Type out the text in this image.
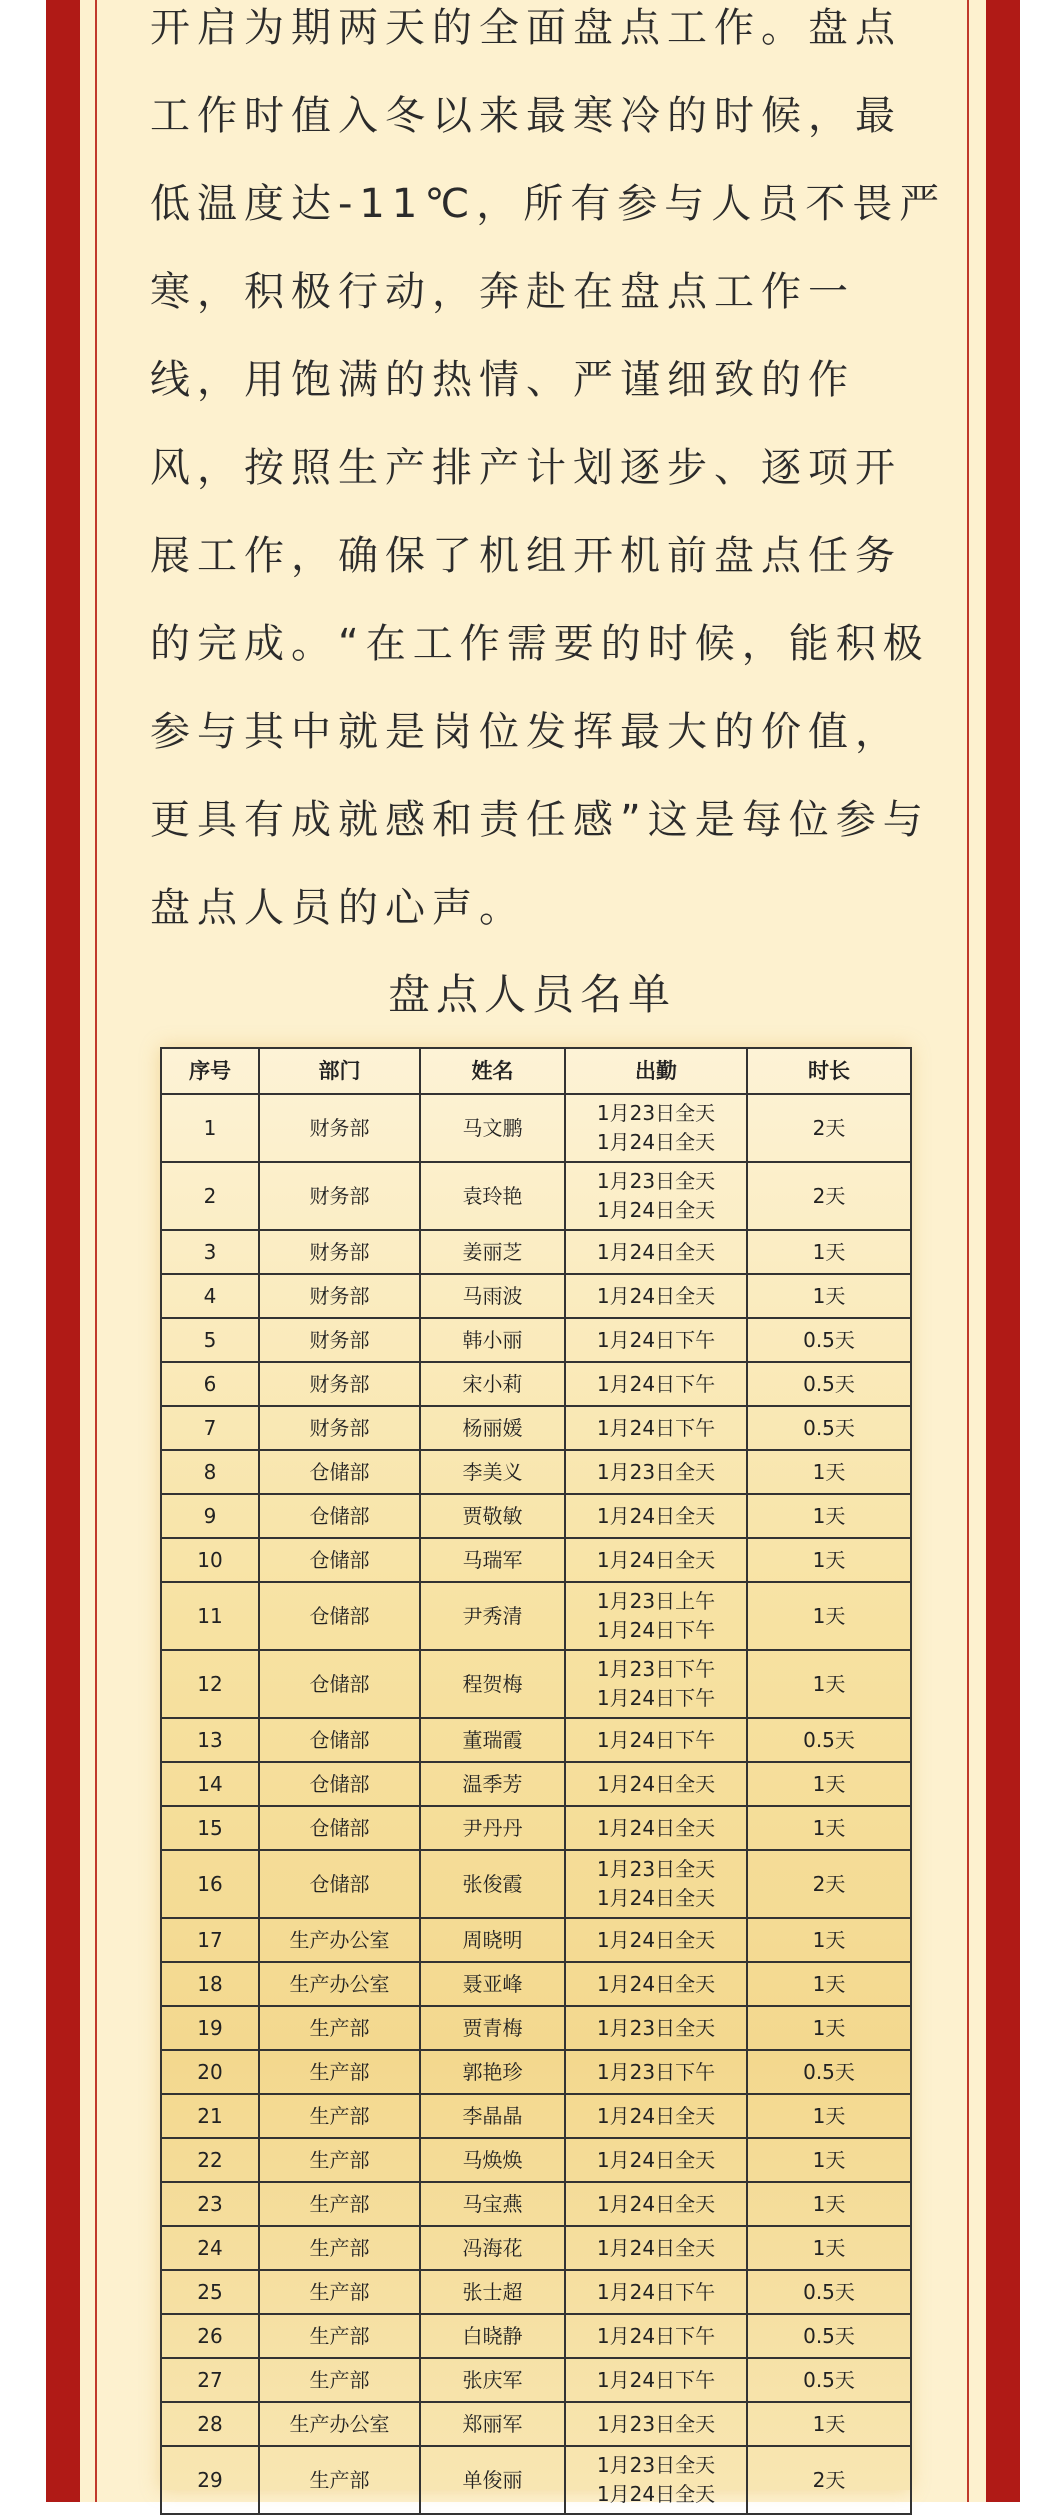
开启为期两天的全面盘点工作。盘点
工作时值入冬以来最寒冷的时候，最
低温度达-11℃，所有参与人员不畏严
寒，积极行动，奔赴在盘点工作一
线，用饱满的热情、严谨细致的作
风，按照生产排产计划逐步、逐项开
展工作，确保了机组开机前盘点任务
的完成。“在工作需要的时候，能积极
参与其中就是岗位发挥最大的价值，
更具有成就感和责任感”这是每位参与
盘点人员的心声。
盘点人员名单
序号	部门	姓名	出勤	时长
1	财务部	马文鹏	1月23日全天
1月24日全天	2天
2	财务部	袁玲艳	1月23日全天
1月24日全天	2天
3	财务部	姜丽芝	1月24日全天	1天
4	财务部	马雨波	1月24日全天	1天
5	财务部	韩小丽	1月24日下午	0.5天
6	财务部	宋小莉	1月24日下午	0.5天
7	财务部	杨丽媛	1月24日下午	0.5天
8	仓储部	李美义	1月23日全天	1天
9	仓储部	贾敬敏	1月24日全天	1天
10	仓储部	马瑞军	1月24日全天	1天
11	仓储部	尹秀清	1月23日上午
1月24日下午	1天
12	仓储部	程贺梅	1月23日下午
1月24日下午	1天
13	仓储部	董瑞霞	1月24日下午	0.5天
14	仓储部	温季芳	1月24日全天	1天
15	仓储部	尹丹丹	1月24日全天	1天
16	仓储部	张俊霞	1月23日全天
1月24日全天	2天
17	生产办公室	周晓明	1月24日全天	1天
18	生产办公室	聂亚峰	1月24日全天	1天
19	生产部	贾青梅	1月23日全天	1天
20	生产部	郭艳珍	1月23日下午	0.5天
21	生产部	李晶晶	1月24日全天	1天
22	生产部	马焕焕	1月24日全天	1天
23	生产部	马宝燕	1月24日全天	1天
24	生产部	冯海花	1月24日全天	1天
25	生产部	张士超	1月24日下午	0.5天
26	生产部	白晓静	1月24日下午	0.5天
27	生产部	张庆军	1月24日下午	0.5天
28	生产办公室	郑丽军	1月23日全天	1天
29	生产部	单俊丽	1月23日全天
1月24日全天	2天
